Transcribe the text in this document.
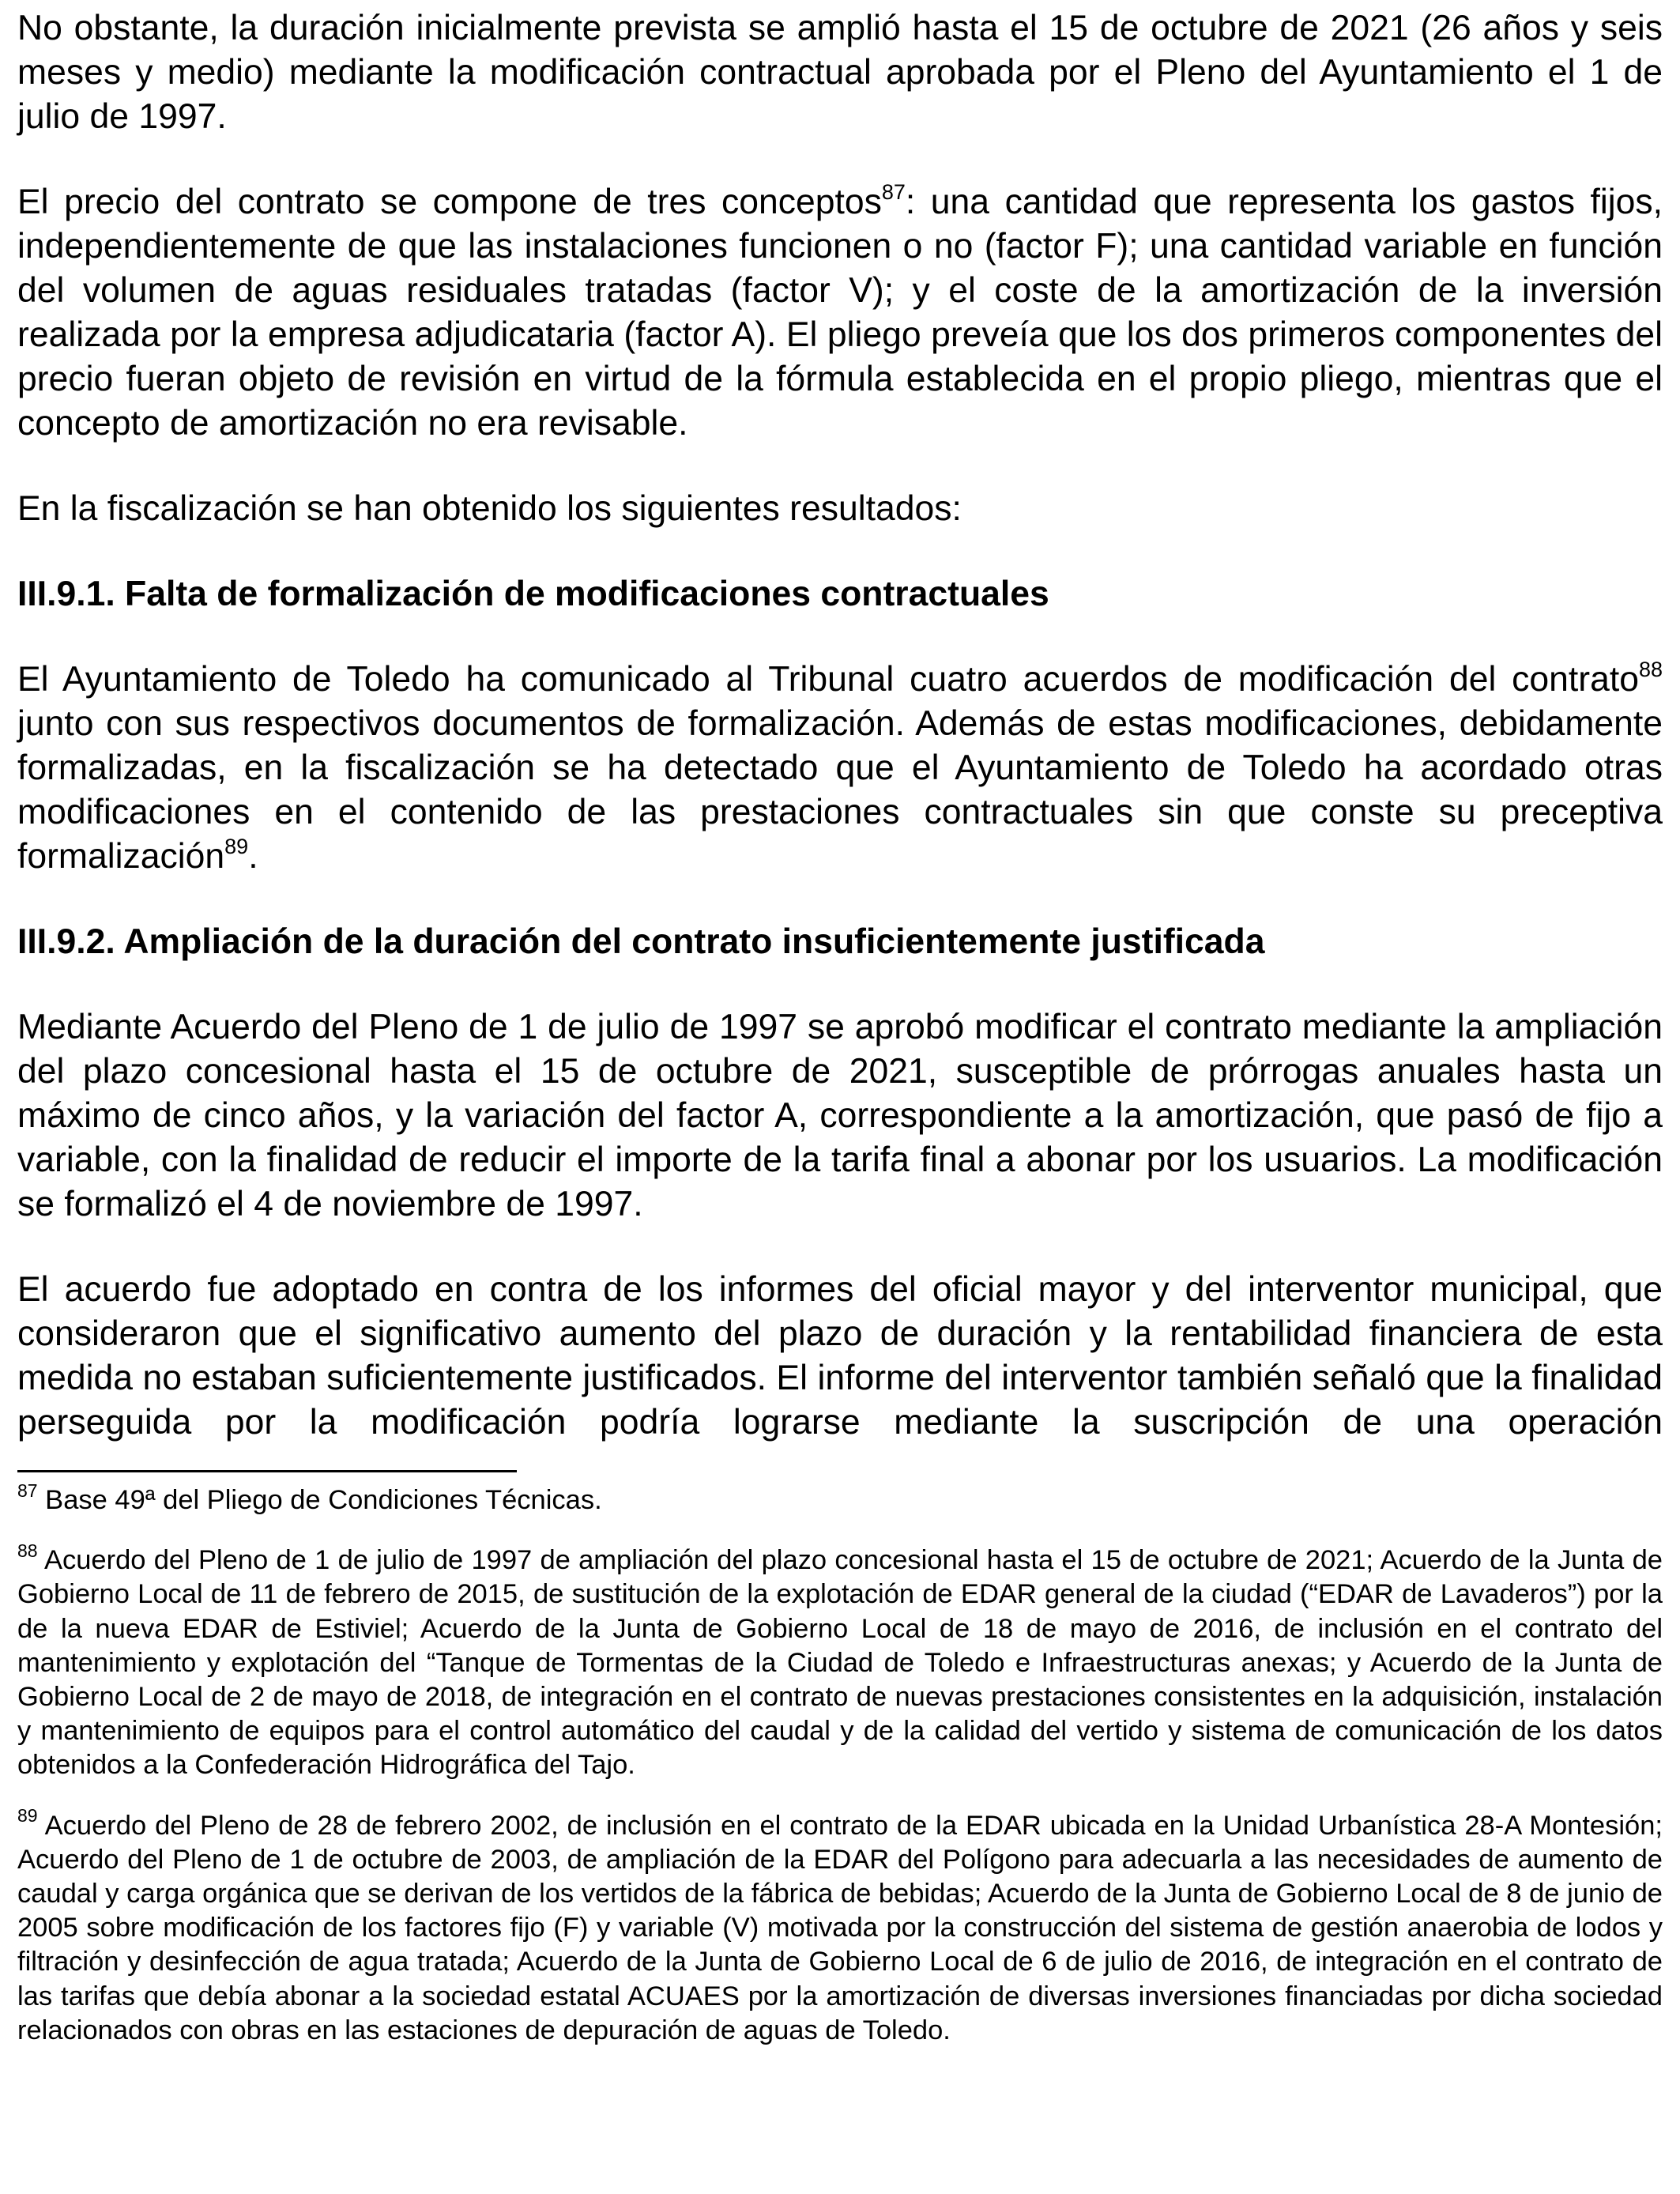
No obstante, la duración inicialmente prevista se amplió hasta el 15 de octubre de 2021 (26 años y seis meses y medio) mediante la modificación contractual aprobada por el Pleno del Ayuntamiento el 1 de julio de 1997.

El precio del contrato se compone de tres conceptos$^{87}$: una cantidad que representa los gastos fijos, independientemente de que las instalaciones funcionen o no (factor F); una cantidad variable en función del volumen de aguas residuales tratadas (factor V); y el coste de la amortización de la inversión realizada por la empresa adjudicataria (factor A). El pliego preveía que los dos primeros componentes del precio fueran objeto de revisión en virtud de la fórmula establecida en el propio pliego, mientras que el concepto de amortización no era revisable.

En la fiscalización se han obtenido los siguientes resultados:

III.9.1. Falta de formalización de modificaciones contractuales

El Ayuntamiento de Toledo ha comunicado al Tribunal cuatro acuerdos de modificación del contrato$^{88}$ junto con sus respectivos documentos de formalización. Además de estas modificaciones, debidamente formalizadas, en la fiscalización se ha detectado que el Ayuntamiento de Toledo ha acordado otras modificaciones en el contenido de las prestaciones contractuales sin que conste su preceptiva formalización$^{89}$.

III.9.2. Ampliación de la duración del contrato insuficientemente justificada

Mediante Acuerdo del Pleno de 1 de julio de 1997 se aprobó modificar el contrato mediante la ampliación del plazo concesional hasta el 15 de octubre de 2021, susceptible de prórrogas anuales hasta un máximo de cinco años, y la variación del factor A, correspondiente a la amortización, que pasó de fijo a variable, con la finalidad de reducir el importe de la tarifa final a abonar por los usuarios. La modificación se formalizó el 4 de noviembre de 1997.

El acuerdo fue adoptado en contra de los informes del oficial mayor y del interventor municipal, que consideraron que el significativo aumento del plazo de duración y la rentabilidad financiera de esta medida no estaban suficientemente justificados. El informe del interventor también señaló que la finalidad perseguida por la modificación podría lograrse mediante la suscripción de una operación

$^{87}$ Base 49ª del Pliego de Condiciones Técnicas.

$^{88}$ Acuerdo del Pleno de 1 de julio de 1997 de ampliación del plazo concesional hasta el 15 de octubre de 2021; Acuerdo de la Junta de Gobierno Local de 11 de febrero de 2015, de sustitución de la explotación de EDAR general de la ciudad (“EDAR de Lavaderos”) por la de la nueva EDAR de Estiviel; Acuerdo de la Junta de Gobierno Local de 18 de mayo de 2016, de inclusión en el contrato del mantenimiento y explotación del “Tanque de Tormentas de la Ciudad de Toledo e Infraestructuras anexas; y Acuerdo de la Junta de Gobierno Local de 2 de mayo de 2018, de integración en el contrato de nuevas prestaciones consistentes en la adquisición, instalación y mantenimiento de equipos para el control automático del caudal y de la calidad del vertido y sistema de comunicación de los datos obtenidos a la Confederación Hidrográfica del Tajo.

$^{89}$ Acuerdo del Pleno de 28 de febrero 2002, de inclusión en el contrato de la EDAR ubicada en la Unidad Urbanística 28-A Montesión; Acuerdo del Pleno de 1 de octubre de 2003, de ampliación de la EDAR del Polígono para adecuarla a las necesidades de aumento de caudal y carga orgánica que se derivan de los vertidos de la fábrica de bebidas; Acuerdo de la Junta de Gobierno Local de 8 de junio de 2005 sobre modificación de los factores fijo (F) y variable (V) motivada por la construcción del sistema de gestión anaerobia de lodos y filtración y desinfección de agua tratada; Acuerdo de la Junta de Gobierno Local de 6 de julio de 2016, de integración en el contrato de las tarifas que debía abonar a la sociedad estatal ACUAES por la amortización de diversas inversiones financiadas por dicha sociedad relacionados con obras en las estaciones de depuración de aguas de Toledo.
